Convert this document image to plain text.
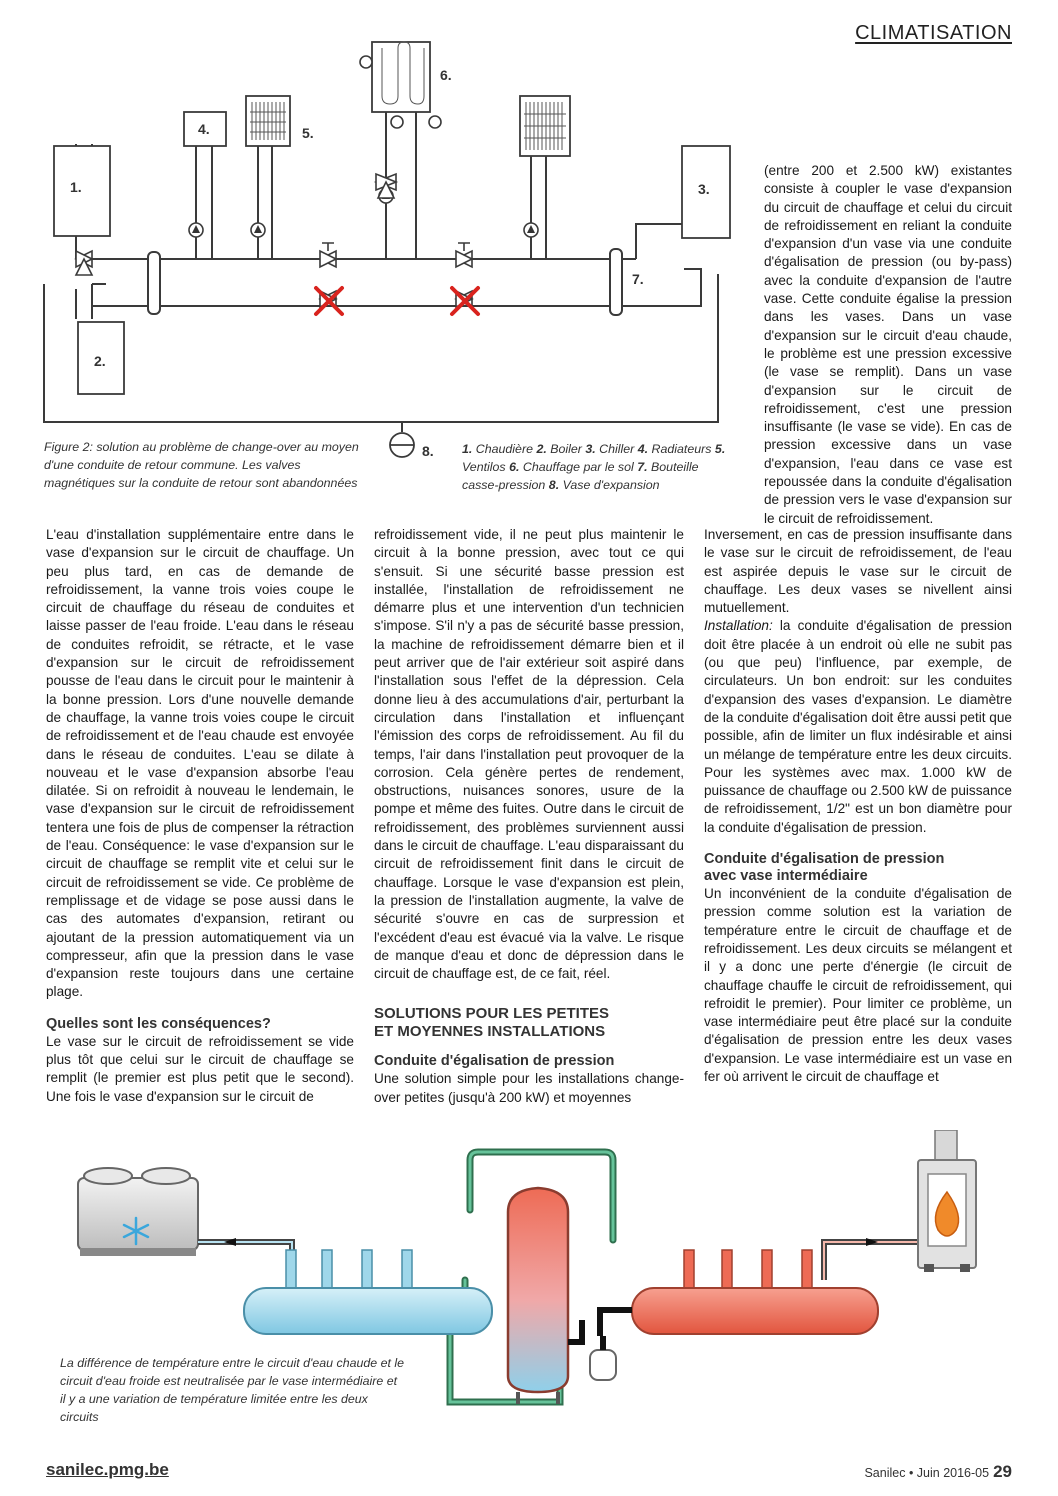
CLIMATISATION
1.
2.
3.
4.	5.
6.
7.
8.
Figure 2: solution au problème de change-over au moyen d'une conduite de retour commune. Les valves magnétiques sur la conduite de retour sont abandonnées
1. Chaudière 2. Boiler 3. Chiller 4. Radiateurs 5. Ventilos 6. Chauffage par le sol 7. Bouteille casse-pression 8. Vase d'expansion

(entre 200 et 2.500 kW) existantes consiste à coupler le vase d'expansion du circuit de chauffage et celui du circuit de refroidissement en reliant la conduite d'expansion d'un vase via une conduite d'égalisation de pression (ou by-pass) avec la conduite d'expansion de l'autre vase. Cette conduite égalise la pression dans les vases. Dans un vase d'expansion sur le circuit d'eau chaude, le problème est une pression excessive (le vase se remplit). Dans un vase d'expansion sur le circuit de refroidissement, c'est une pression insuffisante (le vase se vide). En cas de pression excessive dans un vase d'expansion, l'eau dans ce vase est repoussée dans la conduite d'égalisation de pression vers le vase d'expansion sur le circuit de refroidissement.

L'eau d'installation supplémentaire entre dans le vase d'expansion sur le circuit de chauffage. Un peu plus tard, en cas de demande de refroidissement, la vanne trois voies coupe le circuit de chauffage du réseau de conduites et laisse passer de l'eau froide. L'eau dans le réseau de conduites refroidit, se rétracte, et le vase d'expansion sur le circuit de refroidissement pousse de l'eau dans le circuit pour le maintenir à la bonne pression. Lors d'une nouvelle demande de chauffage, la vanne trois voies coupe le circuit de refroidissement et de l'eau chaude est envoyée dans le réseau de conduites. L'eau se dilate à nouveau et le vase d'expansion absorbe l'eau dilatée. Si on refroidit à nouveau le lendemain, le vase d'expansion sur le circuit de refroidissement tentera une fois de plus de compenser la rétraction de l'eau. Conséquence: le vase d'expansion sur le circuit de chauffage se remplit vite et celui sur le circuit de refroidissement se vide. Ce problème de remplissage et de vidage se pose aussi dans le cas des automates d'expansion, retirant ou ajoutant de la pression automatiquement via un compresseur, afin que la pression dans le vase d'expansion reste toujours dans une certaine plage.

Quelles sont les conséquences?

Le vase sur le circuit de refroidissement se vide plus tôt que celui sur le circuit de chauffage se remplit (le premier est plus petit que le second). Une fois le vase d'expansion sur le circuit de

refroidissement vide, il ne peut plus maintenir le circuit à la bonne pression, avec tout ce qui s'ensuit. Si une sécurité basse pression est installée, l'installation de refroidissement ne démarre plus et une intervention d'un technicien s'impose. S'il n'y a pas de sécurité basse pression, la machine de refroidissement démarre bien et il peut arriver que de l'air extérieur soit aspiré dans l'installation sous l'effet de la dépression. Cela donne lieu à des accumulations d'air, perturbant la circulation dans l'installation et influençant l'émission des corps de refroidissement. Au fil du temps, l'air dans l'installation peut provoquer de la corrosion. Cela génère pertes de rendement, obstructions, nuisances sonores, usure de la pompe et même des fuites. Outre dans le circuit de refroidissement, des problèmes surviennent aussi dans le circuit de chauffage. L'eau disparaissant du circuit de refroidissement finit dans le circuit de chauffage. Lorsque le vase d'expansion est plein, la pression de l'installation augmente, la valve de sécurité s'ouvre en cas de surpression et l'excédent d'eau est évacué via la valve. Le risque de manque d'eau et donc de dépression dans le circuit de chauffage est, de ce fait, réel.

SOLUTIONS POUR LES PETITES
ET MOYENNES INSTALLATIONS
Conduite d'égalisation de pression

Une solution simple pour les installations change-over petites (jusqu'à 200 kW) et moyennes

Inversement, en cas de pression insuffisante dans le vase sur le circuit de refroidissement, de l'eau est aspirée depuis le vase sur le circuit de chauffage. Les deux vases se nivellent ainsi mutuellement.

Installation: la conduite d'égalisation de pression doit être placée à un endroit où elle ne subit pas (ou que peu) l'influence, par exemple, de circulateurs. Un bon endroit: sur les conduites d'expansion des vases d'expansion. Le diamètre de la conduite d'égalisation doit être aussi petit que possible, afin de limiter un flux indésirable et ainsi un mélange de température entre les deux circuits. Pour les systèmes avec max. 1.000 kW de puissance de chauffage ou 2.500 kW de puissance de refroidissement, 1/2" est un bon diamètre pour la conduite d'égalisation de pression.

Conduite d'égalisation de pression
avec vase intermédiaire

Un inconvénient de la conduite d'égalisation de pression comme solution est la variation de température entre le circuit de chauffage et de refroidissement. Les deux circuits se mélangent et il y a donc une perte d'énergie (le circuit de chauffage chauffe le circuit de refroidissement, qui refroidit le premier). Pour limiter ce problème, un vase intermédiaire peut être placé sur la conduite d'égalisation de pression entre les deux vases d'expansion. Le vase intermédiaire est un vase en fer où arrivent le circuit de chauffage et

La différence de température entre le circuit d'eau chaude et le circuit d'eau froide est neutralisée par le vase intermédiaire et il y a une variation de température limitée entre les deux circuits
sanilec.pmg.be	Sanilec • Juin 2016-05 29
